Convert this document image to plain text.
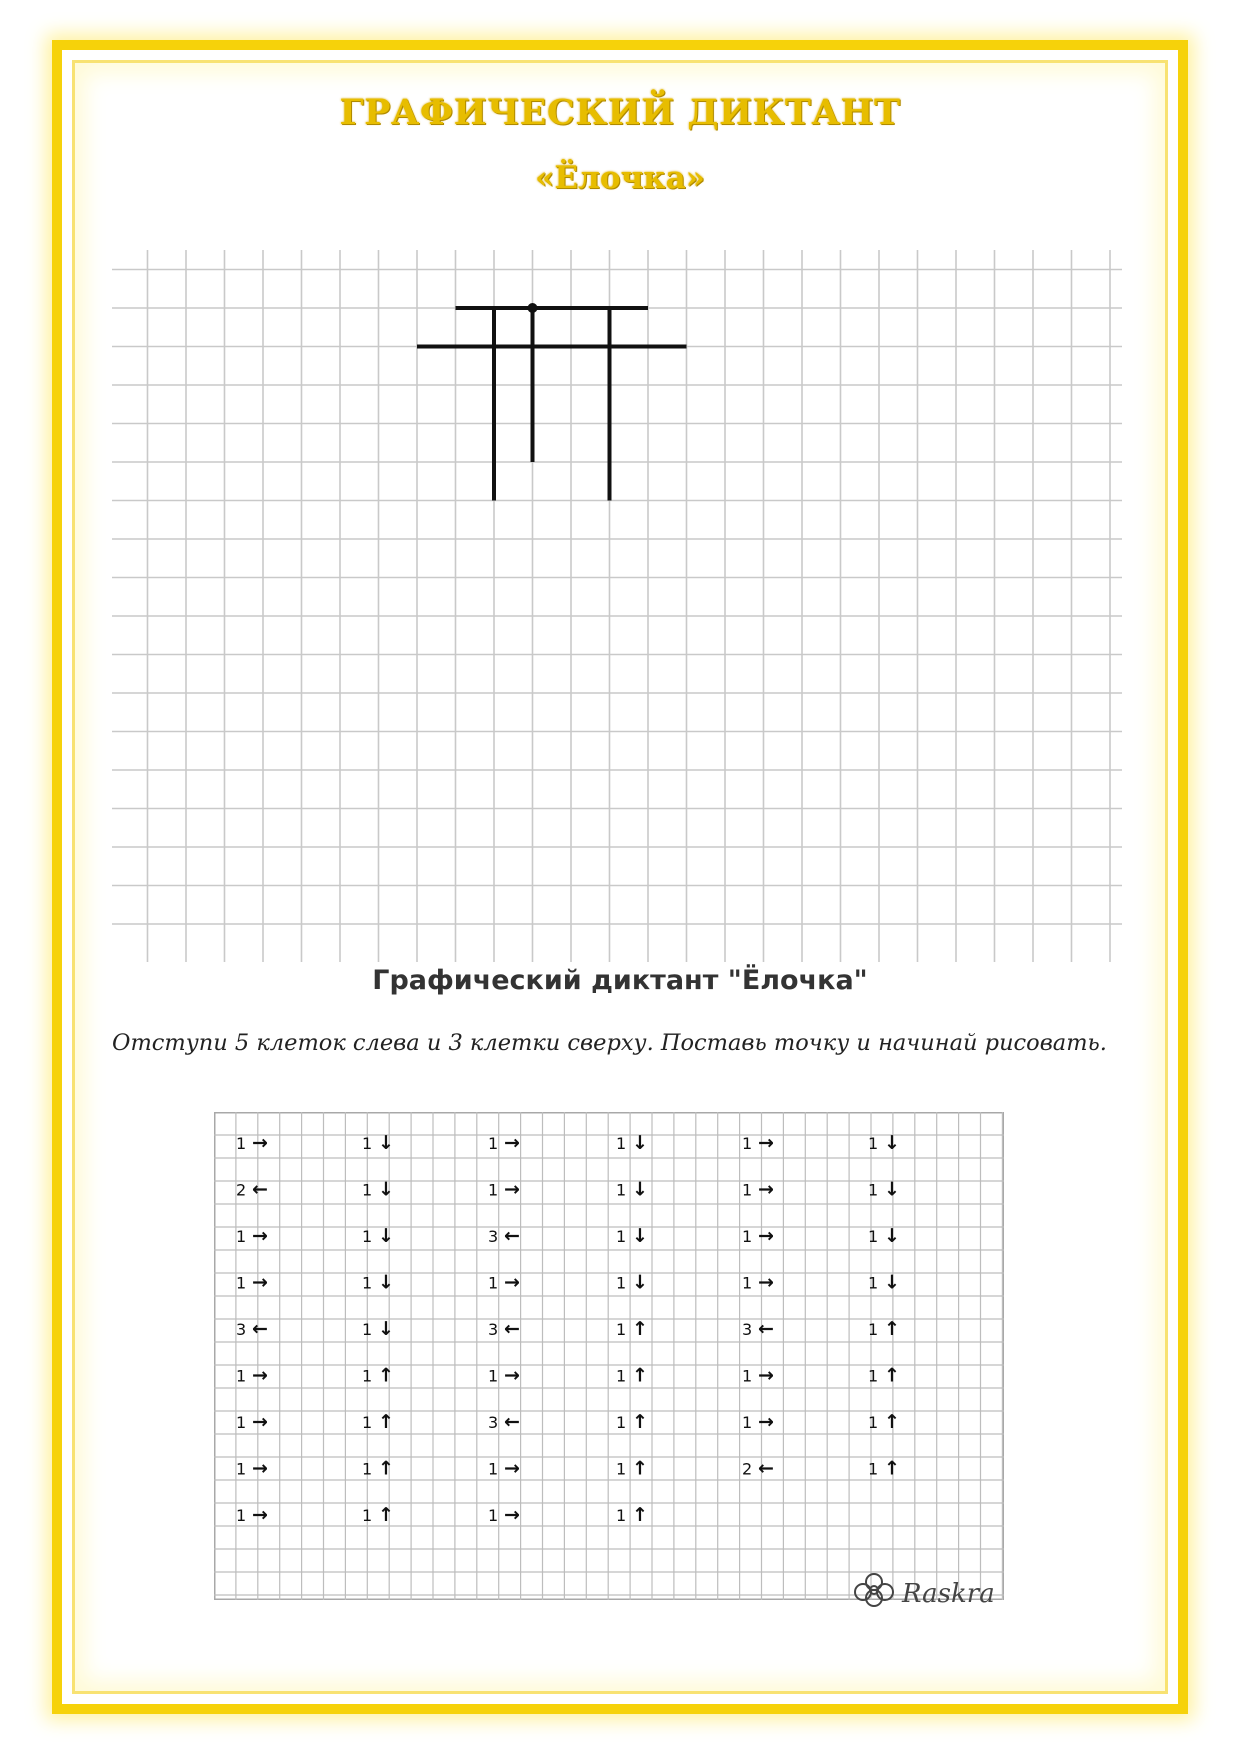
ГРАФИЧЕСКИЙ ДИКТАНТ
«Ёлочка»
Графический диктант "Ёлочка"
Отступи 5 клеток слева и 3 клетки сверху. Поставь точку и начинай рисовать.
1 →
2 ←
1 →
1 →
3 ←
1 →
1 →
1 →
1 →
1 ↓
1 ↓
1 ↓
1 ↓
1 ↓
1 ↑
1 ↑
1 ↑
1 ↑
1 →
1 →
3 ←
1 →
3 ←
1 →
3 ←
1 →
1 →
1 ↓
1 ↓
1 ↓
1 ↓
1 ↑
1 ↑
1 ↑
1 ↑
1 ↑
1 →
1 →
1 →
1 →
3 ←
1 →
1 →
2 ←
1 ↓
1 ↓
1 ↓
1 ↓
1 ↑
1 ↑
1 ↑
1 ↑
Raskra
